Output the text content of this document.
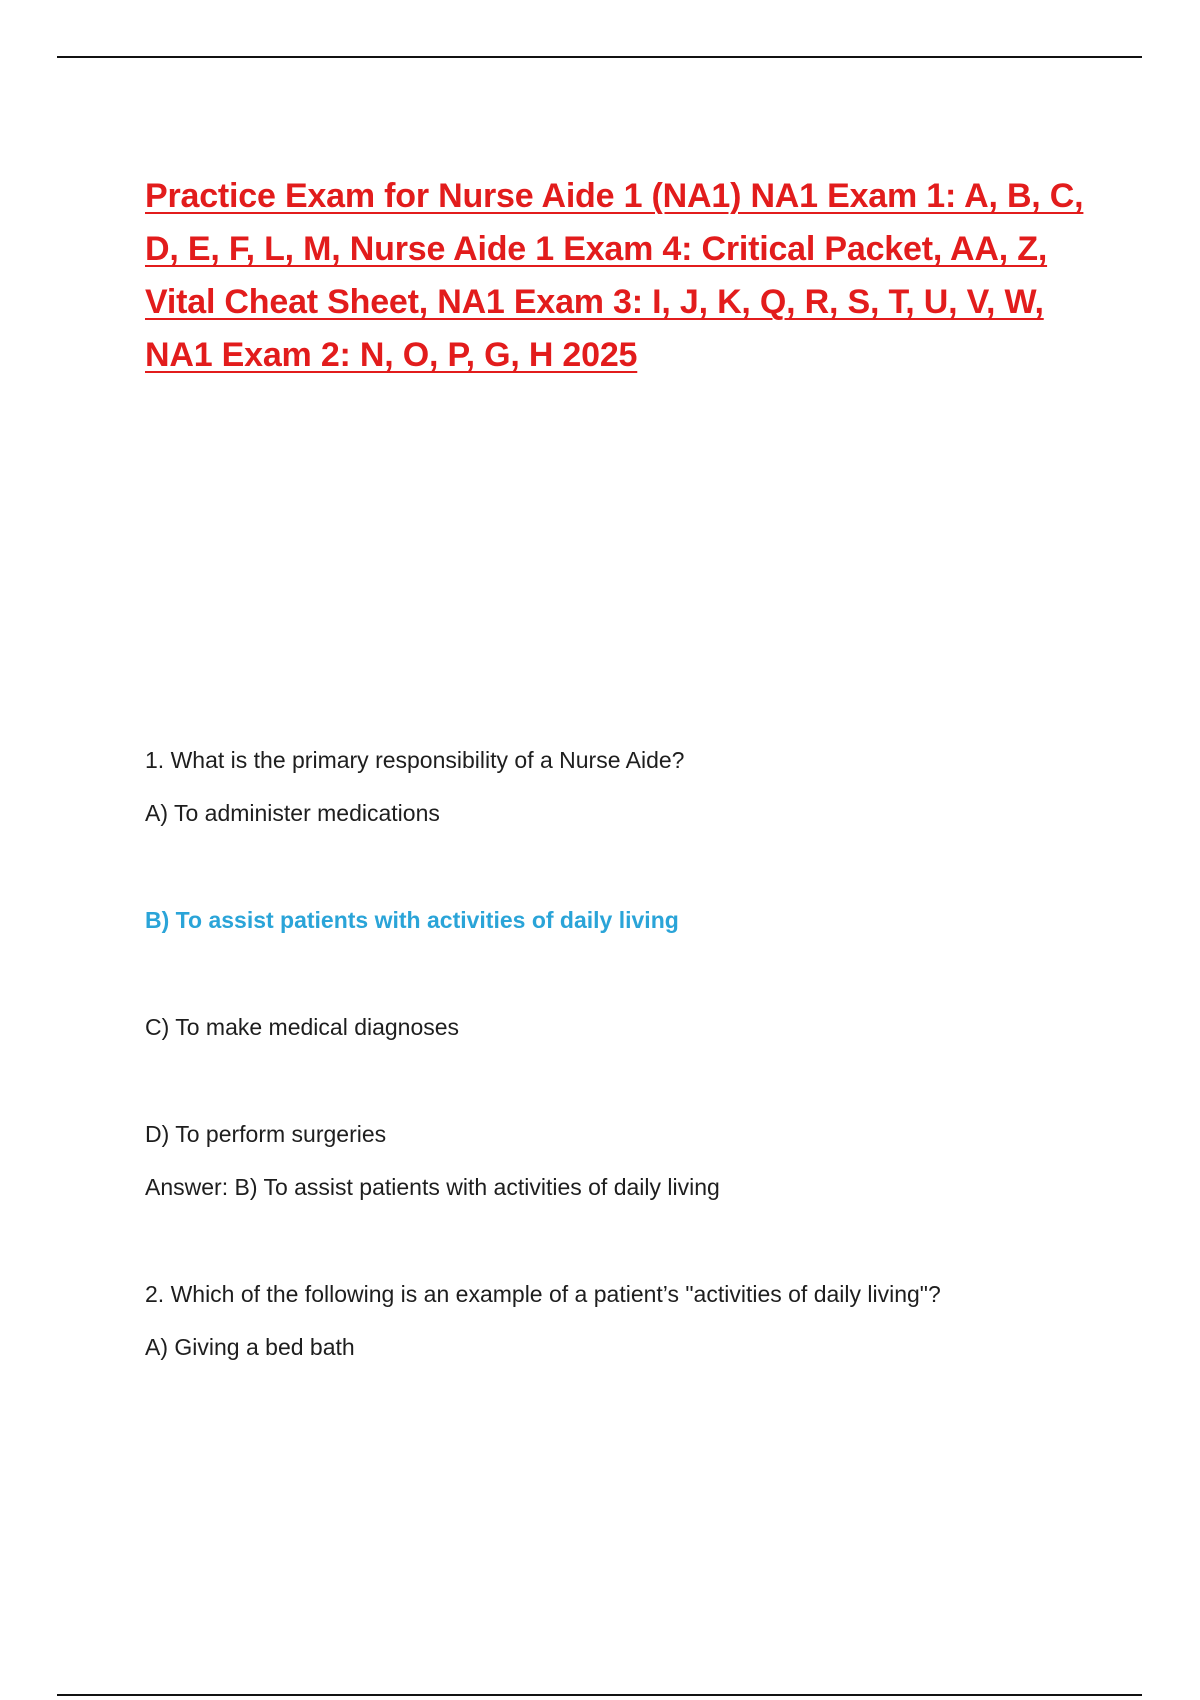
Practice Exam for Nurse Aide 1 (NA1) NA1 Exam 1: A, B, C, D, E, F, L, M, Nurse Aide 1 Exam 4: Critical Packet, AA, Z, Vital Cheat Sheet, NA1 Exam 3: I, J, K, Q, R, S, T, U, V, W, NA1 Exam 2: N, O, P, G, H 2025

1. What is the primary responsibility of a Nurse Aide?

A) To administer medications

B) To assist patients with activities of daily living

C) To make medical diagnoses

D) To perform surgeries

Answer: B) To assist patients with activities of daily living

2. Which of the following is an example of a patient’s "activities of daily living"?

A) Giving a bed bath
